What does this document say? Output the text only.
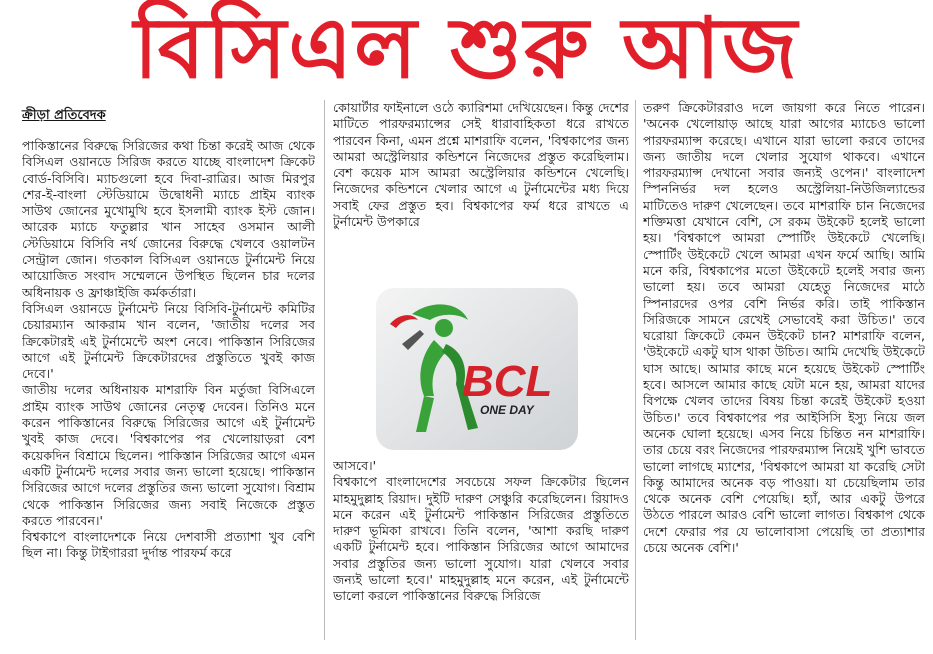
বিসিএল শুরু আজ
ক্রীড়া প্রতিবেদক

পাকিস্তানের বিরুদ্ধে সিরিজের কথা চিন্তা করেই আজ থেকে বিসিএল ওয়ানডে সিরিজ করতে যাচ্ছে বাংলাদেশ ক্রিকেট বোর্ড-বিসিবি। ম্যাচগুলো হবে দিবা-রাত্রির। আজ মিরপুর শের-ই-বাংলা স্টেডিয়ামে উদ্বোধনী ম্যাচে প্রাইম ব্যাংক সাউথ জোনের মুখোমুখি হবে ইসলামী ব্যাংক ইস্ট জোন। আরেক ম্যাচে ফতুল্লার খান সাহেব ওসমান আলী স্টেডিয়ামে বিসিবি নর্থ জোনের বিরুদ্ধে খেলবে ওয়ালটন সেন্ট্রাল জোন। গতকাল বিসিএল ওয়ানডে টুর্নামেন্ট নিয়ে আয়োজিত সংবাদ সম্মেলনে উপস্থিত ছিলেন চার দলের অধিনায়ক ও ফ্রাঞ্চাইজি কর্মকর্তারা।

বিসিএল ওয়ানডে টুর্নামেন্ট নিয়ে বিসিবি-টুর্নামেন্ট কমিটির চেয়ারম্যান আকরাম খান বলেন, 'জাতীয় দলের সব ক্রিকেটারই এই টুর্নামেন্টে অংশ নেবে। পাকিস্তান সিরিজের আগে এই টুর্নামেন্ট ক্রিকেটারদের প্রস্তুতিতে খুবই কাজ দেবে।'

জাতীয় দলের অধিনায়ক মাশরাফি বিন মর্তুজা বিসিএলে প্রাইম ব্যাংক সাউথ জোনের নেতৃত্ব দেবেন। তিনিও মনে করেন পাকিস্তানের বিরুদ্ধে সিরিজের আগে এই টুর্নামেন্ট খুবই কাজ দেবে। 'বিশ্বকাপের পর খেলোয়াড়রা বেশ কয়েকদিন বিশ্রামে ছিলেন। পাকিস্তান সিরিজের আগে এমন একটি টুর্নামেন্ট দলের সবার জন্য ভালো হয়েছে। পাকিস্তান সিরিজের আগে দলের প্রস্তুতির জন্য ভালো সুযোগ। বিশ্রাম থেকে পাকিস্তান সিরিজের জন্য সবাই নিজেকে প্রস্তুত করতে পারবেন।'

বিশ্বকাপে বাংলাদেশকে নিয়ে দেশবাসী প্রত্যাশা খুব বেশি ছিল না। কিন্তু টাইগাররা দুর্দান্ত পারফর্ম করে

কোয়ার্টার ফাইনালে ওঠে ক্যারিশমা দেখিয়েছেন। কিন্তু দেশের মাটিতে পারফরম্যান্সের সেই ধারাবাহিকতা ধরে রাখতে পারবেন কিনা, এমন প্রশ্নে মাশরাফি বলেন, 'বিশ্বকাপের জন্য আমরা অস্ট্রেলিয়ার কন্ডিশনে নিজেদের প্রস্তুত করেছিলাম। বেশ কয়েক মাস আমরা অস্ট্রেলিয়ার কন্ডিশনে খেলেছি। নিজেদের কন্ডিশনে খেলার আগে এ টুর্নামেন্টের মধ্য দিয়ে সবাই ফের প্রস্তুত হব। বিশ্বকাপের ফর্ম ধরে রাখতে এ টুর্নামেন্ট উপকারে

BCL
ONE DAY

আসবে।'

বিশ্বকাপে বাংলাদেশের সবচেয়ে সফল ক্রিকেটার ছিলেন মাহমুদুল্লাহ রিয়াদ। দুইটি দারুণ সেঞ্চুরি করেছিলেন। রিয়াদও মনে করেন এই টুর্নামেন্ট পাকিস্তান সিরিজের প্রস্তুতিতে দারুণ ভূমিকা রাখবে। তিনি বলেন, 'আশা করছি দারুণ একটি টুর্নামেন্ট হবে। পাকিস্তান সিরিজের আগে আমাদের সবার প্রস্তুতির জন্য ভালো সুযোগ। যারা খেলবে সবার জন্যই ভালো হবে।' মাহমুদুল্লাহ মনে করেন, এই টুর্নামেন্টে ভালো করলে পাকিস্তানের বিরুদ্ধে সিরিজে

তরুণ ক্রিকেটাররাও দলে জায়গা করে নিতে পারেন। 'অনেক খেলোয়াড় আছে যারা আগের ম্যাচেও ভালো পারফরম্যান্স করেছে। এখানে যারা ভালো করবে তাদের জন্য জাতীয় দলে খেলার সুযোগ থাকবে। এখানে পারফরম্যান্স দেখানো সবার জন্যই ওপেন।' বাংলাদেশ স্পিননির্ভর দল হলেও অস্ট্রেলিয়া-নিউজিল্যান্ডের মাটিতেও দারুণ খেলেছেন। তবে মাশরাফি চান নিজেদের শক্তিমত্তা যেখানে বেশি, সে রকম উইকেট হলেই ভালো হয়। 'বিশ্বকাপে আমরা স্পোর্টিং উইকেটে খেলেছি। স্পোর্টিং উইকেটে খেলে আমরা এখন ফর্মে আছি। আমি মনে করি, বিশ্বকাপের মতো উইকেটে হলেই সবার জন্য ভালো হয়। তবে আমরা যেহেতু নিজেদের মাঠে স্পিনারদের ওপর বেশি নির্ভর করি। তাই পাকিস্তান সিরিজকে সামনে রেখেই সেভাবেই করা উচিত।' তবে ঘরোয়া ক্রিকেটে কেমন উইকেট চান? মাশরাফি বলেন, 'উইকেটে একটু ঘাস থাকা উচিত। আমি দেখেছি উইকেটে ঘাস আছে। আমার কাছে মনে হয়েছে উইকেট স্পোর্টিং হবে। আসলে আমার কাছে যেটা মনে হয়, আমরা যাদের বিপক্ষে খেলব তাদের বিষয় চিন্তা করেই উইকেট হওয়া উচিত।' তবে বিশ্বকাপের পর আইসিসি ইস্যু নিয়ে জল অনেক ঘোলা হয়েছে। এসব নিয়ে চিন্তিত নন মাশরাফি। তার চেয়ে বরং নিজেদের পারফরম্যান্স নিয়েই খুশি ভাবতে ভালো লাগছে ম্যাশের, 'বিশ্বকাপে আমরা যা করেছি সেটা কিন্তু আমাদের অনেক বড় পাওয়া। যা চেয়েছিলাম তার থেকে অনেক বেশি পেয়েছি। হ্যাঁ, আর একটু উপরে উঠতে পারলে আরও বেশি ভালো লাগত। বিশ্বকাপ থেকে দেশে ফেরার পর যে ভালোবাসা পেয়েছি তা প্রত্যাশার চেয়ে অনেক বেশি।'
